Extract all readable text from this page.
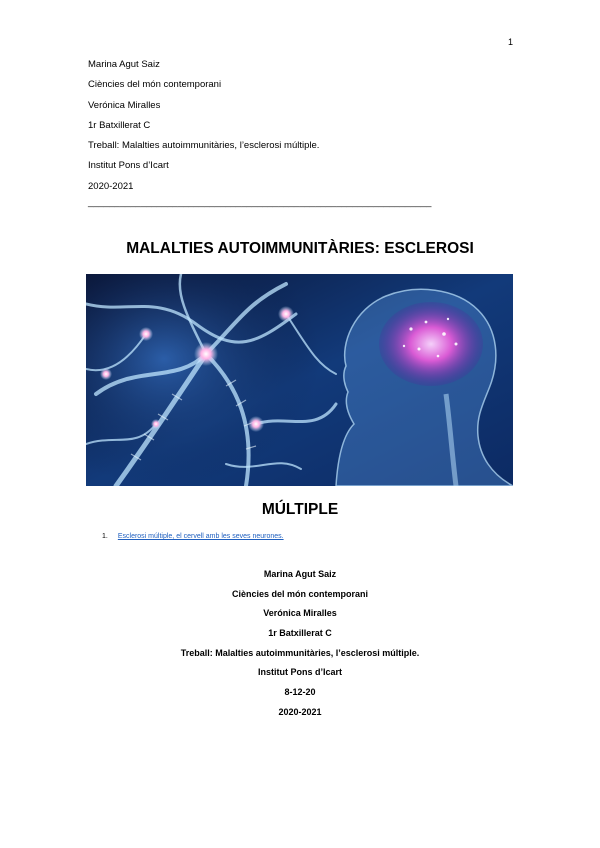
1
Marina Agut Saiz
Ciències del món contemporani
Verónica Miralles
1r Batxillerat C
Treball: Malalties autoimmunitàries, l’esclerosi múltiple.
Institut Pons d’Icart
2020-2021
_________________________________________________________________
MALALTIES AUTOIMMUNITÀRIES: ESCLEROSI
MÚLTIPLE
1. Esclerosi múltiple, el cervell amb les seves neurones.
Marina Agut Saiz
Ciències del món contemporani
Verónica Miralles
1r Batxillerat C
Treball: Malalties autoimmunitàries, l’esclerosi múltiple.
Institut Pons d’Icart
8-12-20
2020-2021
